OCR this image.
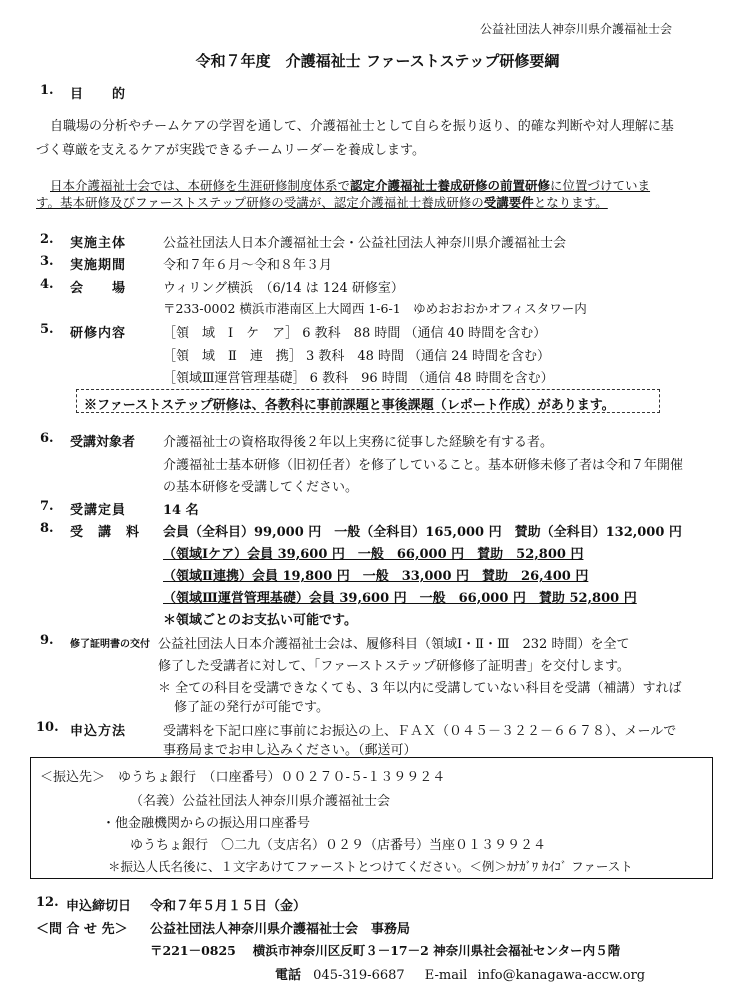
公益社団法人神奈川県介護福祉士会
令和７年度　介護福祉士 ファーストステップ研修要綱
1. 目　　的
自職場の分析やチームケアの学習を通して、介護福祉士として自らを振り返り、的確な判断や対人理解に基
づく尊厳を支えるケアが実践できるチームリーダーを養成します。
日本介護福祉士会では、本研修を生涯研修制度体系で認定介護福祉士養成研修の前置研修に位置づけていま
す。基本研修及びファーストステップ研修の受講が、認定介護福祉士養成研修の受講要件となります。
2. 実施主体	公益社団法人日本介護福祉士会・公益社団法人神奈川県介護福祉士会
3. 実施期間	令和７年６月～令和８年３月
4. 会　　場	ウィリング横浜　（6/14 は 124 研修室）
〒233-0002 横浜市港南区上大岡西 1-6-1　ゆめおおおかオフィスタワー内
5. 研修内容	［領　域　Ⅰ　ケ　ア］ 6 教科　88 時間 （通信 40 時間を含む）
［領　域　Ⅱ　連　携］ 3 教科　48 時間 （通信 24 時間を含む）
［領域Ⅲ運営管理基礎］ 6 教科　96 時間 （通信 48 時間を含む）
※ファーストステップ研修は、各教科に事前課題と事後課題（レポート作成）があります。
6. 受講対象者 介護福祉士の資格取得後２年以上実務に従事した経験を有する者。
介護福祉士基本研修（旧初任者）を修了していること。基本研修未修了者は令和７年開催
の基本研修を受講してください。
7. 受講定員	14 名
8. 受　講　料 会員（全科目）99,000 円　一般（全科目）165,000 円　賛助（全科目）132,000 円
（領域Ⅰケア）会員 39,600 円　一般　66,000 円　賛助　52,800 円
（領域Ⅱ連携）会員 19,800 円　一般　33,000 円　賛助　26,400 円
（領域Ⅲ運営管理基礎）会員 39,600 円　一般　66,000 円　賛助 52,800 円
＊領域ごとのお支払い可能です。
9. 修了証明書の交付 公益社団法人日本介護福祉士会は、履修科目（領域Ⅰ・Ⅱ・Ⅲ　232 時間）を全て
修了した受講者に対して、「ファーストステップ研修修了証明書」を交付します。
＊ 全ての科目を受講できなくても、3 年以内に受講していない科目を受講（補講）すれば
修了証の発行が可能です。
10. 申込方法	受講料を下記口座に事前にお振込の上、ＦＡＸ（０４５－３２２－６６７８）、メールで
事務局までお申し込みください。（郵送可）
＜振込先＞　ゆうちょ銀行　（口座番号）００２７０-５-１３９９２４
（名義）公益社団法人神奈川県介護福祉士会
・他金融機関からの振込用口座番号
ゆうちょ銀行　〇二九（支店名）０２９（店番号）当座０１３９９２４
＊振込人氏名後に、１文字あけてファーストとつけてください。＜例＞ｶﾅｶﾞﾜ ｶｲｺﾞ ファースト
12. 申込締切日 令和７年５月１５日（金）
＜問 合 せ 先＞ 公益社団法人神奈川県介護福祉士会　事務局
〒221－0825　 横浜市神奈川区反町３－17－2 神奈川県社会福祉センター内５階
電話 045-319-6687 E-mail info@kanagawa-accw.org
